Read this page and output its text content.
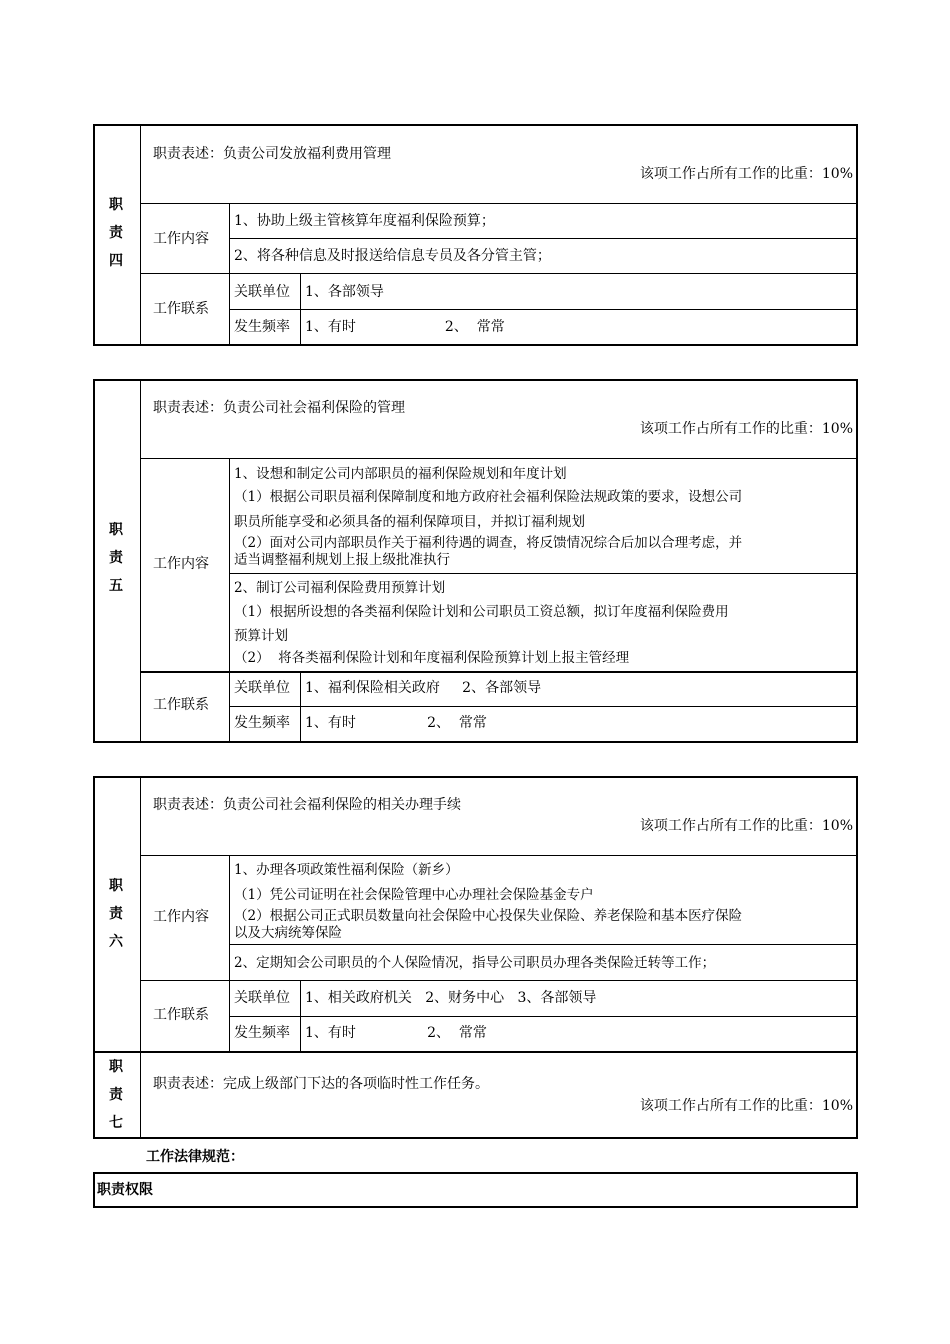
职
责
四
职责表述：负责公司发放福利费用管理
该项工作占所有工作的比重：10%
工作内容
1、协助上级主管核算年度福利保险预算；
2、将各种信息及时报送给信息专员及各分管主管；
工作联系
关联单位 1、各部领导
发生频率 1、有时                    2、  常常
职
责
五
职责表述：负责公司社会福利保险的管理
该项工作占所有工作的比重：10%
工作内容
1、设想和制定公司内部职员的福利保险规划和年度计划
（1）根据公司职员福利保障制度和地方政府社会福利保险法规政策的要求，设想公司
职员所能享受和必须具备的福利保障项目，并拟订福利规划
（2）面对公司内部职员作关于福利待遇的调查，将反馈情况综合后加以合理考虑，并
适当调整福利规划上报上级批准执行
2、制订公司福利保险费用预算计划
（1）根据所设想的各类福利保险计划和公司职员工资总额，拟订年度福利保险费用
预算计划
（2）  将各类福利保险计划和年度福利保险预算计划上报主管经理
工作联系
关联单位 1、福利保险相关政府     2、各部领导
发生频率 1、有时                2、  常常
职
责
六
职责表述：负责公司社会福利保险的相关办理手续
该项工作占所有工作的比重：10%
工作内容
1、办理各项政策性福利保险（新乡）
（1）凭公司证明在社会保险管理中心办理社会保险基金专户
（2）根据公司正式职员数量向社会保险中心投保失业保险、养老保险和基本医疗保险
以及大病统筹保险
2、定期知会公司职员的个人保险情况，指导公司职员办理各类保险迁转等工作；
工作联系
关联单位 1、相关政府机关   2、财务中心   3、各部领导
发生频率 1、有时                2、  常常
职
责
七
职责表述：完成上级部门下达的各项临时性工作任务。
该项工作占所有工作的比重：10%
工作法律规范：
职责权限
